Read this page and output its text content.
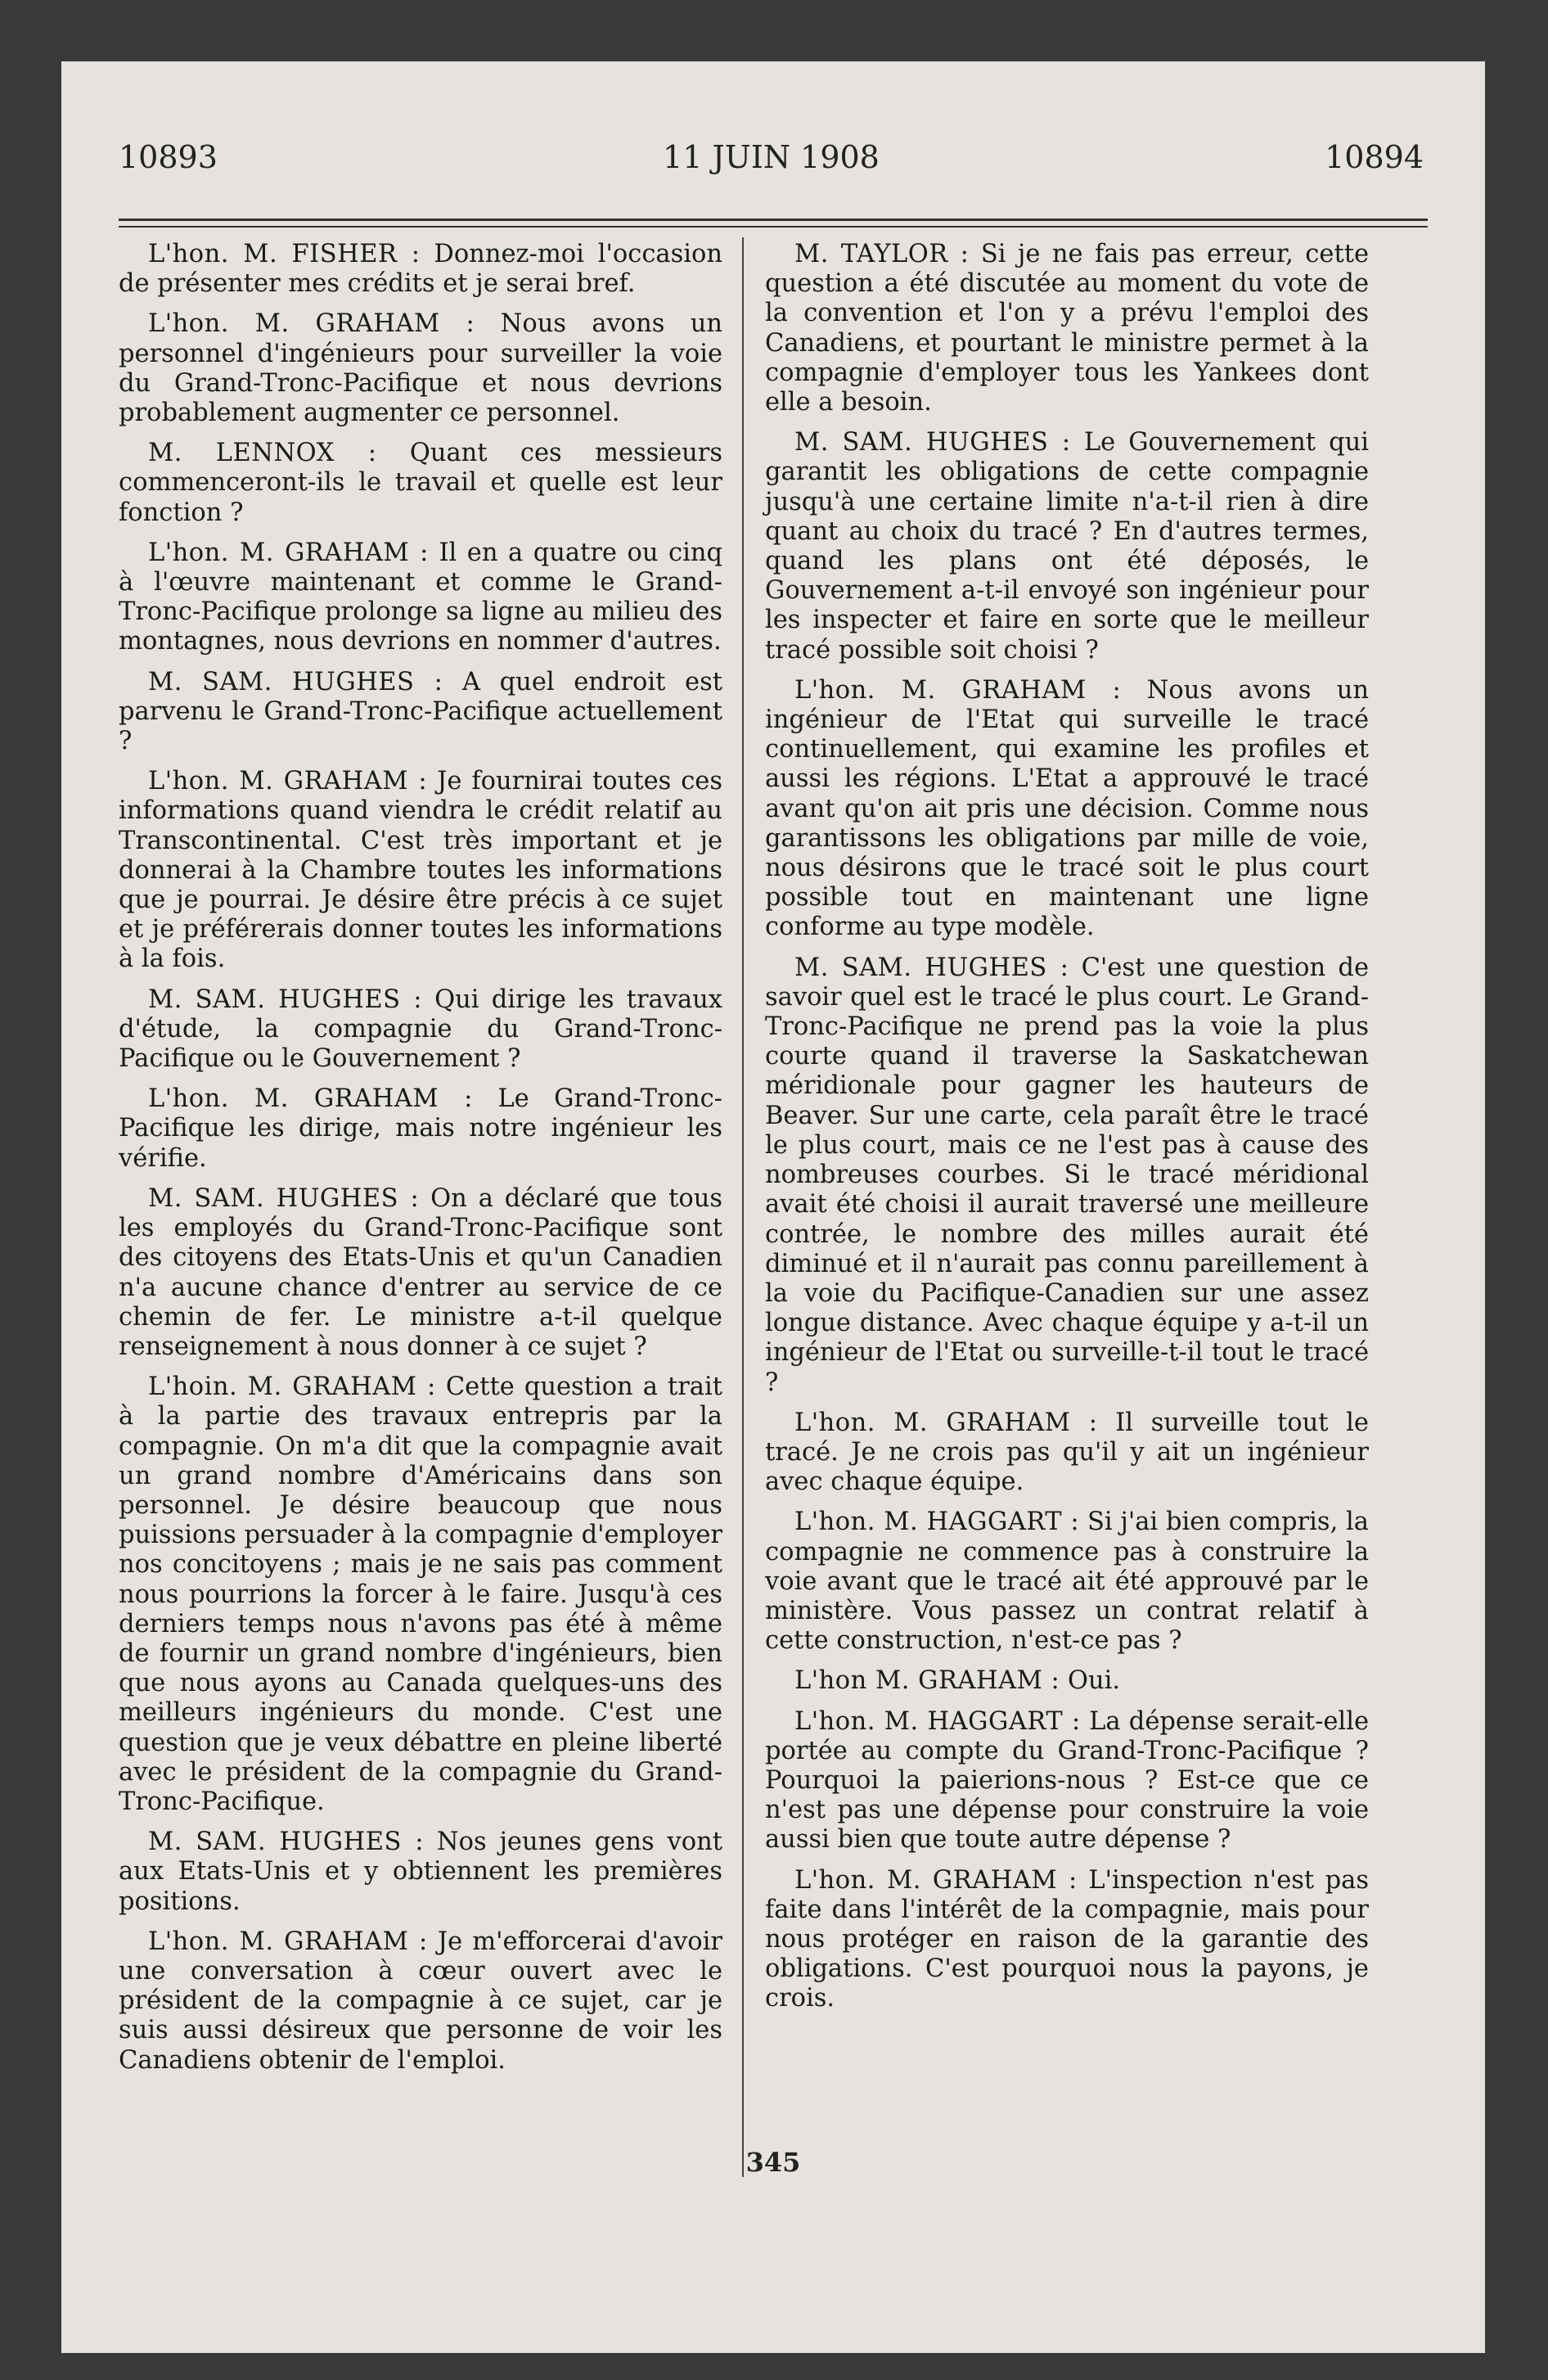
10893	11 JUIN 1908	10894

L'hon. M. FISHER : Donnez-moi l'occasion de présenter mes crédits et je serai bref.

L'hon. M. GRAHAM : Nous avons un personnel d'ingénieurs pour surveiller la voie du Grand-Tronc-Pacifique et nous devrions probablement augmenter ce personnel.

M. LENNOX : Quant ces messieurs commenceront-ils le travail et quelle est leur fonction ?

L'hon. M. GRAHAM : Il en a quatre ou cinq à l'œuvre maintenant et comme le Grand-Tronc-Pacifique prolonge sa ligne au milieu des montagnes, nous devrions en nommer d'autres.

M. SAM. HUGHES : A quel endroit est parvenu le Grand-Tronc-Pacifique actuellement ?

L'hon. M. GRAHAM : Je fournirai toutes ces informations quand viendra le crédit relatif au Transcontinental. C'est très important et je donnerai à la Chambre toutes les informations que je pourrai. Je désire être précis à ce sujet et je préférerais donner toutes les informations à la fois.

M. SAM. HUGHES : Qui dirige les travaux d'étude, la compagnie du Grand-Tronc-Pacifique ou le Gouvernement ?

L'hon. M. GRAHAM : Le Grand-Tronc-Pacifique les dirige, mais notre ingénieur les vérifie.

M. SAM. HUGHES : On a déclaré que tous les employés du Grand-Tronc-Pacifique sont des citoyens des Etats-Unis et qu'un Canadien n'a aucune chance d'entrer au service de ce chemin de fer. Le ministre a-t-il quelque renseignement à nous donner à ce sujet ?

L'hoin. M. GRAHAM : Cette question a trait à la partie des travaux entrepris par la compagnie. On m'a dit que la compagnie avait un grand nombre d'Américains dans son personnel. Je désire beaucoup que nous puissions persuader à la compagnie d'employer nos concitoyens ; mais je ne sais pas comment nous pourrions la forcer à le faire. Jusqu'à ces derniers temps nous n'avons pas été à même de fournir un grand nombre d'ingénieurs, bien que nous ayons au Canada quelques-uns des meilleurs ingénieurs du monde. C'est une question que je veux débattre en pleine liberté avec le président de la compagnie du Grand-Tronc-Pacifique.

M. SAM. HUGHES : Nos jeunes gens vont aux Etats-Unis et y obtiennent les premières positions.

L'hon. M. GRAHAM : Je m'efforcerai d'avoir une conversation à cœur ouvert avec le président de la compagnie à ce sujet, car je suis aussi désireux que personne de voir les Canadiens obtenir de l'emploi.

M. TAYLOR : Si je ne fais pas erreur, cette question a été discutée au moment du vote de la convention et l'on y a prévu l'emploi des Canadiens, et pourtant le ministre permet à la compagnie d'employer tous les Yankees dont elle a besoin.

M. SAM. HUGHES : Le Gouvernement qui garantit les obligations de cette compagnie jusqu'à une certaine limite n'a-t-il rien à dire quant au choix du tracé ? En d'autres termes, quand les plans ont été déposés, le Gouvernement a-t-il envoyé son ingénieur pour les inspecter et faire en sorte que le meilleur tracé possible soit choisi ?

L'hon. M. GRAHAM : Nous avons un ingénieur de l'Etat qui surveille le tracé continuellement, qui examine les profiles et aussi les régions. L'Etat a approuvé le tracé avant qu'on ait pris une décision. Comme nous garantissons les obligations par mille de voie, nous désirons que le tracé soit le plus court possible tout en maintenant une ligne conforme au type modèle.

M. SAM. HUGHES : C'est une question de savoir quel est le tracé le plus court. Le Grand-Tronc-Pacifique ne prend pas la voie la plus courte quand il traverse la Saskatchewan méridionale pour gagner les hauteurs de Beaver. Sur une carte, cela paraît être le tracé le plus court, mais ce ne l'est pas à cause des nombreuses courbes. Si le tracé méridional avait été choisi il aurait traversé une meilleure contrée, le nombre des milles aurait été diminué et il n'aurait pas connu pareillement à la voie du Pacifique-Canadien sur une assez longue distance. Avec chaque équipe y a-t-il un ingénieur de l'Etat ou surveille-t-il tout le tracé ?

L'hon. M. GRAHAM : Il surveille tout le tracé. Je ne crois pas qu'il y ait un ingénieur avec chaque équipe.

L'hon. M. HAGGART : Si j'ai bien compris, la compagnie ne commence pas à construire la voie avant que le tracé ait été approuvé par le ministère. Vous passez un contrat relatif à cette construction, n'est-ce pas ?

L'hon M. GRAHAM : Oui.

L'hon. M. HAGGART : La dépense serait-elle portée au compte du Grand-Tronc-Pacifique ? Pourquoi la paierions-nous ? Est-ce que ce n'est pas une dépense pour construire la voie aussi bien que toute autre dépense ?

L'hon. M. GRAHAM : L'inspection n'est pas faite dans l'intérêt de la compagnie, mais pour nous protéger en raison de la garantie des obligations. C'est pourquoi nous la payons, je crois.

345
